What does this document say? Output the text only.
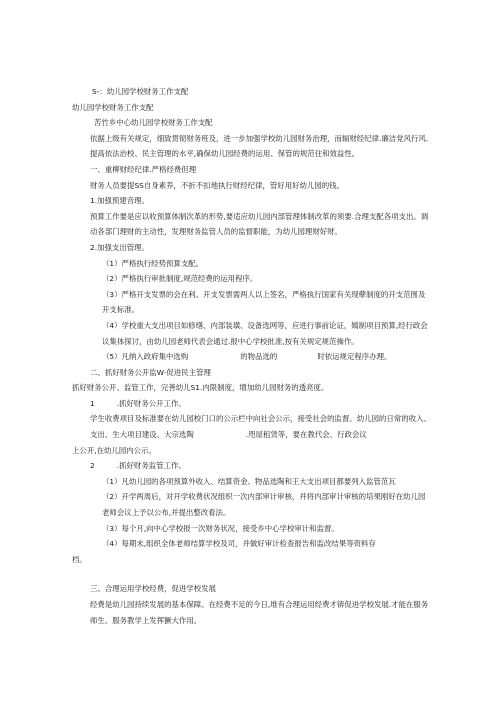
S-：幼儿园学校财务工作支配
幼儿园学校财务工作支配
苦竹乡中心幼儿园学校财务工作支配
依据上级有关规定，细致贯彻财务班及，进一步加强学校幼儿园财务治理，而辐财经纪律.廉洁党风行风.提高依法治校、民主管理的水平,确保幼儿园经费的运用、保管的规范住和效益性。
一、重柳财经纪律.严格经费但理
财务人员要提SS自身素养，不折不扣地执行财经纪律，管好用好幼儿园的钱。
1.加强预建音理。
预算工作要是应以收预算体制次革的形势,要适应幼儿园内部管理体制改革的须要.合理支配各项支出。调动各部门理财的主动性，发理财务监管人员的监督职能，为幼儿园理财好财。
2.加强支出管理。
（1）严格执行经势预算支配。
（2）严格执行审批制度,规范经费的运用程序。
（3）严格开支发票的会在利。开支发票需两人以上签名，严格执行国家有关现孽制度的开支范围及开支标准。
（4）学校重大支出项目如修缮、内部装璜、设备选网等，应进行事前论证，嫣制项目预算,经行政会议集体探讨，由幼儿园老师代表会通过.报中心学校批准,按有关规定规范操作。
（5）凡纳入政府集中选购	的物品选的	时依运规定程序办理。
二、抓好财务公开监W·促进民主管理
抓好财务公开、监管工作，完善幼儿S1.内限制度，增加幼儿园财务的透亮度。
1	.抓好财务公开工作。
学生收费项目及标准要在幼儿园校门口的公示栏中向社会公示，接受社会的监督。幼儿园的日常的收入、支出、生大项目建设、大宗选陶	.咫屋租赁等，要在教代会、行政会议
上公开,在幼儿园内公示。
2	.抓好财务监管工作。
（1）凡幼儿园的各项预算外收入、结算资金、物品选陶和王大支出项目都要列入监管范瓦
（2）开学两周后，对开学收费状况组织一次内部审计审核，并将内部审计审核的培果刚好在幼儿园老师会议上予以公布,并提出整改看法。
（3）每个月,向中心学校报一次财务状况，接受乡中心学校审计和监督。
（4）每期末,组织全体老师结算学校及司，并做好审计检查报告和监改结果等资料存
档。
三、合理运用学校经费，促进学校发展
经费是幼儿园持续发展的基本保障。在经费不足的今日,堆有合理运用经费才锛促进学校发展.才能在服务师生、服务教学上发挥獗大作用。
